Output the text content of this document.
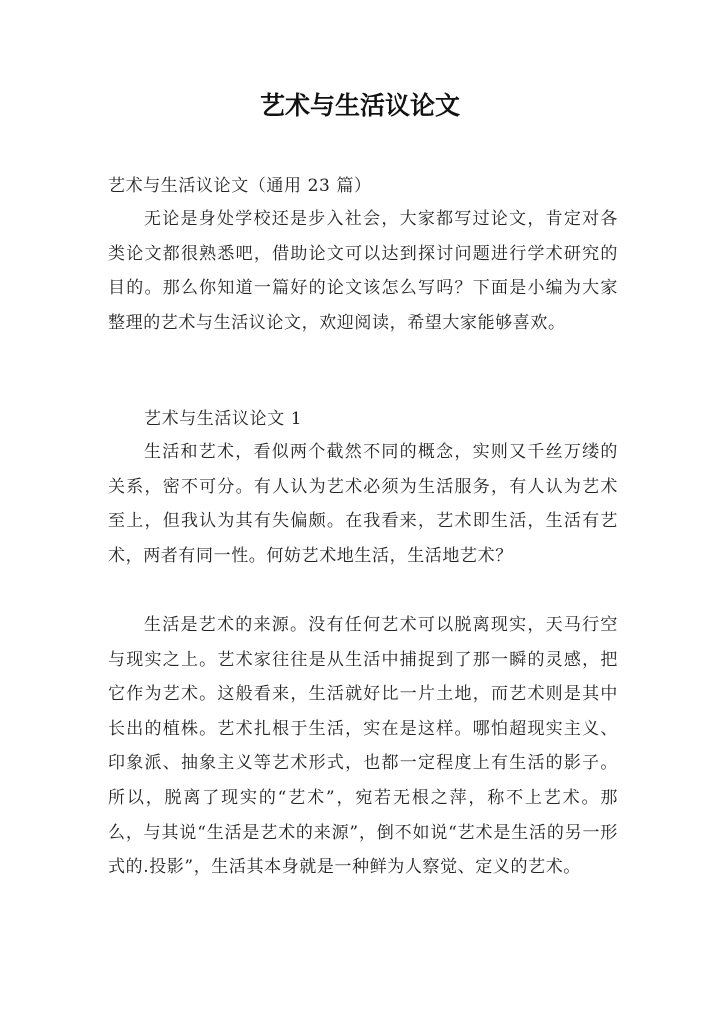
艺术与生活议论文

艺术与生活议论文（通用 23 篇）

无论是身处学校还是步入社会，大家都写过论文，肯定对各类论文都很熟悉吧，借助论文可以达到探讨问题进行学术研究的目的。那么你知道一篇好的论文该怎么写吗？下面是小编为大家整理的艺术与生活议论文，欢迎阅读，希望大家能够喜欢。

艺术与生活议论文 1

生活和艺术，看似两个截然不同的概念，实则又千丝万缕的关系，密不可分。有人认为艺术必须为生活服务，有人认为艺术至上，但我认为其有失偏颇。在我看来，艺术即生活，生活有艺术，两者有同一性。何妨艺术地生活，生活地艺术？

生活是艺术的来源。没有任何艺术可以脱离现实，天马行空与现实之上。艺术家往往是从生活中捕捉到了那一瞬的灵感，把它作为艺术。这般看来，生活就好比一片土地，而艺术则是其中长出的植株。艺术扎根于生活，实在是这样。哪怕超现实主义、印象派、抽象主义等艺术形式，也都一定程度上有生活的影子。所以，脱离了现实的“艺术”，宛若无根之萍，称不上艺术。那么，与其说“生活是艺术的来源”，倒不如说“艺术是生活的另一形式的.投影”，生活其本身就是一种鲜为人察觉、定义的艺术。
